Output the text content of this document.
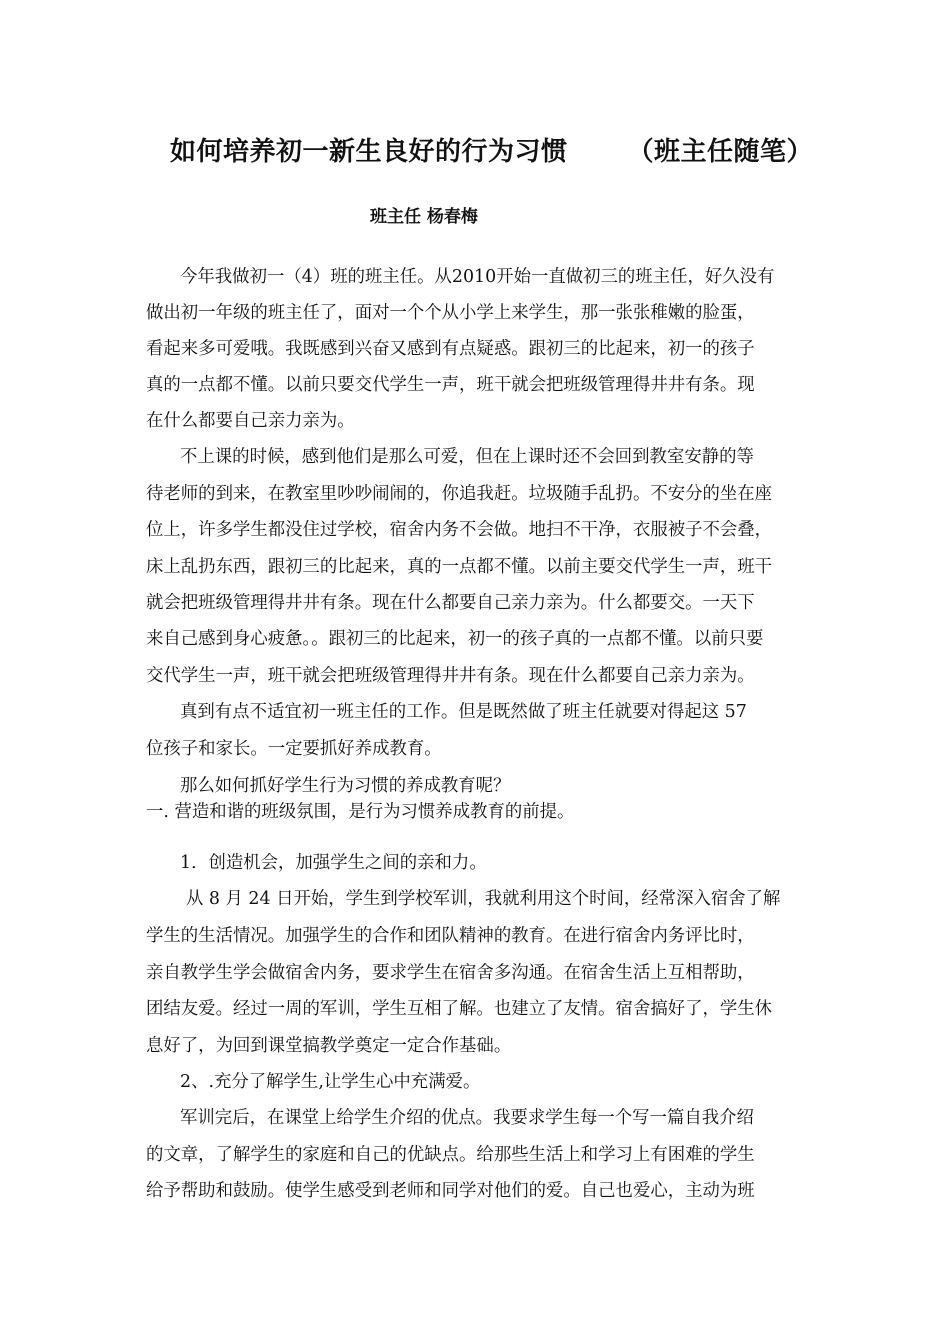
如何培养初一新生良好的行为习惯 （班主任随笔）
班主任 杨春梅
今年我做初一（4）班的班主任。从2010开始一直做初三的班主任，好久没有
做出初一年级的班主任了，面对一个个从小学上来学生，那一张张稚嫩的脸蛋，
看起来多可爱哦。我既感到兴奋又感到有点疑惑。跟初三的比起来，初一的孩子
真的一点都不懂。以前只要交代学生一声，班干就会把班级管理得井井有条。现
在什么都要自己亲力亲为。
不上课的时候，感到他们是那么可爱，但在上课时还不会回到教室安静的等
待老师的到来，在教室里吵吵闹闹的，你追我赶。垃圾随手乱扔。不安分的坐在座
位上，许多学生都没住过学校，宿舍内务不会做。地扫不干净，衣服被子不会叠，
床上乱扔东西，跟初三的比起来，真的一点都不懂。以前主要交代学生一声，班干
就会把班级管理得井井有条。现在什么都要自己亲力亲为。什么都要交。一天下
来自己感到身心疲惫。。跟初三的比起来，初一的孩子真的一点都不懂。以前只要
交代学生一声，班干就会把班级管理得井井有条。现在什么都要自己亲力亲为。
真到有点不适宜初一班主任的工作。但是既然做了班主任就要对得起这 57
位孩子和家长。一定要抓好养成教育。
那么如何抓好学生行为习惯的养成教育呢？
一. 营造和谐的班级氛围，是行为习惯养成教育的前提。
1．创造机会，加强学生之间的亲和力。
从 8 月 24 日开始，学生到学校军训，我就利用这个时间，经常深入宿舍了解
学生的生活情况。加强学生的合作和团队精神的教育。在进行宿舍内务评比时，
亲自教学生学会做宿舍内务，要求学生在宿舍多沟通。在宿舍生活上互相帮助，
团结友爱。经过一周的军训，学生互相了解。也建立了友情。宿舍搞好了，学生休
息好了，为回到课堂搞教学奠定一定合作基础。
2、.充分了解学生,让学生心中充满爱。
军训完后，在课堂上给学生介绍的优点。我要求学生每一个写一篇自我介绍
的文章，了解学生的家庭和自己的优缺点。给那些生活上和学习上有困难的学生
给予帮助和鼓励。使学生感受到老师和同学对他们的爱。自己也爱心，主动为班
